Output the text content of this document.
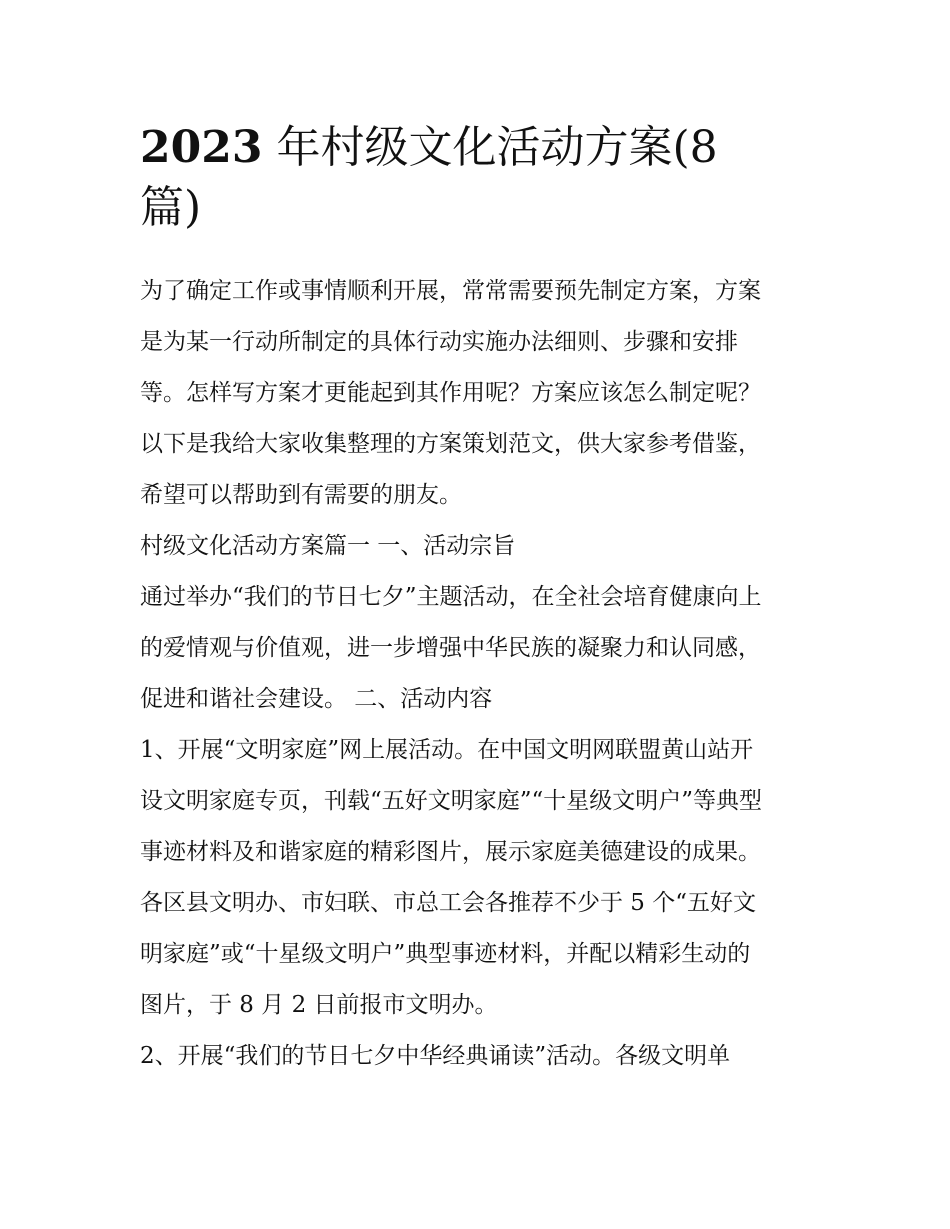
2023 年村级文化活动方案(8
篇)

为了确定工作或事情顺利开展，常常需要预先制定方案，方案
是为某一行动所制定的具体行动实施办法细则、步骤和安排
等。怎样写方案才更能起到其作用呢？方案应该怎么制定呢？
以下是我给大家收集整理的方案策划范文，供大家参考借鉴，
希望可以帮助到有需要的朋友。

村级文化活动方案篇一 一、活动宗旨

通过举办“我们的节日七夕”主题活动，在全社会培育健康向上
的爱情观与价值观，进一步增强中华民族的凝聚力和认同感，
促进和谐社会建设。 二、活动内容

1、开展“文明家庭”网上展活动。在中国文明网联盟黄山站开
设文明家庭专页，刊载“五好文明家庭”“十星级文明户”等典型
事迹材料及和谐家庭的精彩图片，展示家庭美德建设的成果。
各区县文明办、市妇联、市总工会各推荐不少于 5 个“五好文
明家庭”或“十星级文明户”典型事迹材料，并配以精彩生动的
图片，于 8 月 2 日前报市文明办。

2、开展“我们的节日七夕中华经典诵读”活动。各级文明单
